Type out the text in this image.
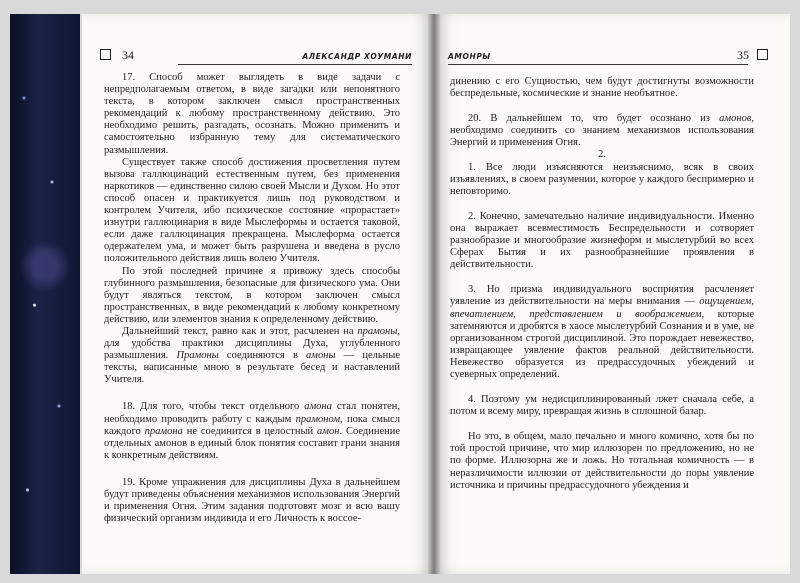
34	АЛЕКСАНДР ХОУМАНИ

17. Способ может выглядеть в виде задачи с непредполагаемым ответом, в виде загадки или непонятного текста, в котором заключен смысл пространственных рекомендаций к любому пространственному действию. Это необходимо решить, разгадать, осознать. Можно применить и самостоятельно избранную тему для систематического размышления.

Существует также способ достижения просветления путем вызова галлюцинаций естественным путем, без применения наркотиков — единственно силою своей Мысли и Духом. Но этот способ опасен и практикуется лишь под руководством и контролем Учителя, ибо психическое состояние «прорастает» изнутри галлюцинария в виде Мыслеформы и остается таковой, если даже галлюцинация прекращена. Мыслеформа остается одержателем ума, и может быть разрушена и введена в русло положительного действия лишь волею Учителя.

По этой последней причине я привожу здесь способы глубинного размышления, безопасные для физического ума. Они будут являться текстом, в котором заключен смысл пространственных, в виде рекомендаций к любому конкретному действию, или элементов знания к определенному действию.

Дальнейший текст, равно как и этот, расчленен на прамоны, для удобства практики дисциплины Духа, углубленного размышления. Прамоны соединяются в амоны — цельные тексты, написанные мною в результате бесед и наставлений Учителя.

18. Для того, чтобы текст отдельного амона стал понятен, необходимо проводить работу с каждым прамоном, пока смысл каждого прамона не соединится в целостный амон. Соединение отдельных амонов в единый блок понятия составит грани знания к конкретным действиям.

19. Кроме упражнения для дисциплины Духа в дальнейшем будут приведены объяснения механизмов использования Энергий и применения Огня. Этим задания подготовят мозг и всю вашу физический организм индивида и его Личность к воссое-

АМОНРЫ	35

динению с его Сущностью, чем будут достигнуты возможности беспредельные, космические и знание необъятное.

20. В дальнейшем то, что будет осознано из амонов, необходимо соединить со знанием механизмов использования Энергий и применения Огня.

2.

1. Все люди изъясняются неизъяснимо, всяк в своих изъявлениях, в своем разумении, которое у каждого беспримерно и неповторимо.

2. Конечно, замечательно наличие индивидуальности. Именно она выражает всевместимость Беспредельности и сотворяет разнообразие и многообразие жизнеформ и мыслетурбий во всех Сферах Бытия и их разнообразнейшие проявления в действительности.

3. Но призма индивидуального восприятия расчленяет уявление из действительности на меры внимания — ощущением, впечатлением, представлением и воображением, которые затемняются и дробятся в хаосе мыслетурбий Сознания и в уме, не организованном строгой дисциплиной. Это порождает невежество, извращающее уявление фактов реальной действительности. Невежество образуется из предрассудочных убеждений и суеверных определений.

4. Поэтому ум недисциплинированный лжет сначала себе, а потом и всему миру, превращая жизнь в сплошной базар.

Но это, в общем, мало печально и много комично, хотя бы по той простой причине, что мир иллюзорен по предложению, но не по форме. Иллюзорна же и ложь. Но тотальная комичность — в неразличимости иллюзии от действительности до поры уявление источника и причины предрассудочного убеждения и
